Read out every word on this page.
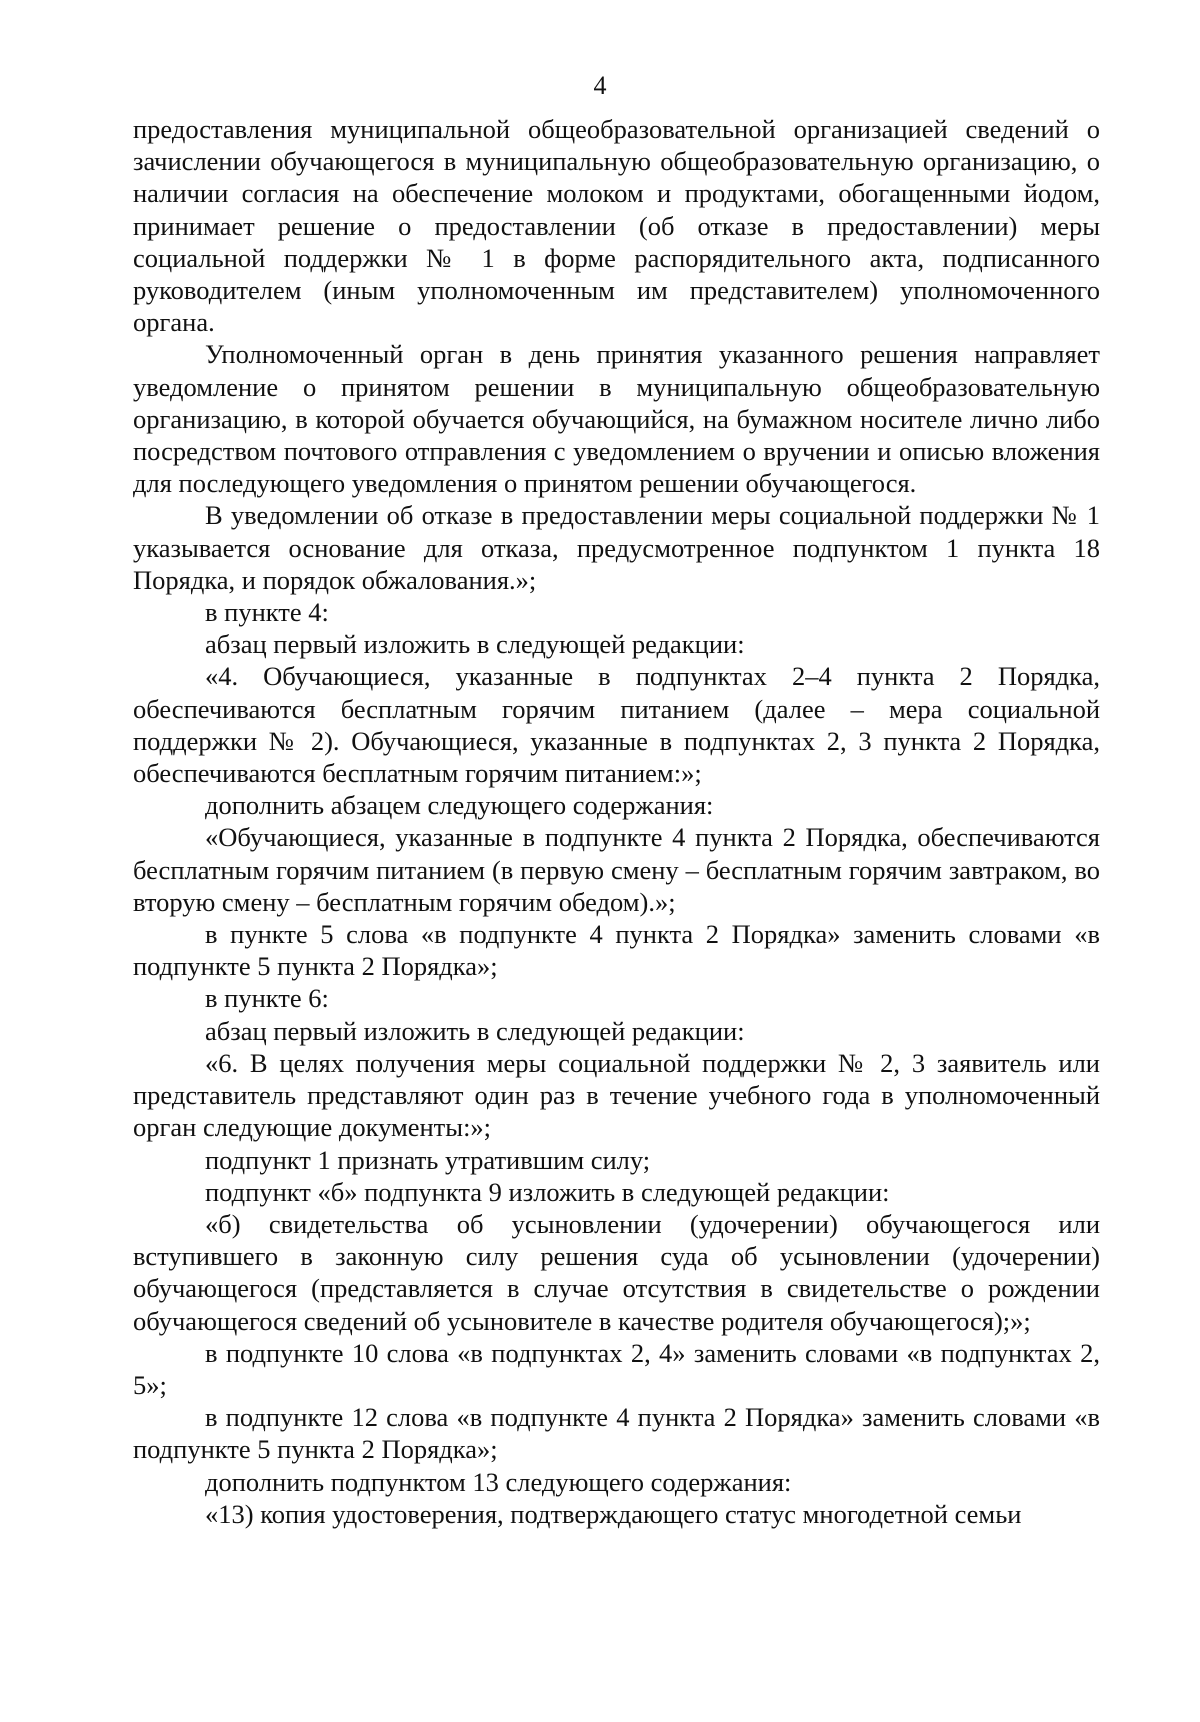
4

предоставления муниципальной общеобразовательной организацией сведений о зачислении обучающегося в муниципальную общеобразовательную организацию, о наличии согласия на обеспечение молоком и продуктами, обогащенными йодом, принимает решение о предоставлении (об отказе в предоставлении) меры социальной поддержки № 1 в форме распорядительного акта, подписанного руководителем (иным уполномоченным им представителем) уполномоченного органа.

Уполномоченный орган в день принятия указанного решения направляет уведомление о принятом решении в муниципальную общеобразовательную организацию, в которой обучается обучающийся, на бумажном носителе лично либо посредством почтового отправления с уведомлением о вручении и описью вложения для последующего уведомления о принятом решении обучающегося.

В уведомлении об отказе в предоставлении меры социальной поддержки № 1 указывается основание для отказа, предусмотренное подпунктом 1 пункта 18 Порядка, и порядок обжалования.»;

в пункте 4:

абзац первый изложить в следующей редакции:

«4. Обучающиеся, указанные в подпунктах 2–4 пункта 2 Порядка, обеспечиваются бесплатным горячим питанием (далее – мера социальной поддержки № 2). Обучающиеся, указанные в подпунктах 2, 3 пункта 2 Порядка, обеспечиваются бесплатным горячим питанием:»;

дополнить абзацем следующего содержания:

«Обучающиеся, указанные в подпункте 4 пункта 2 Порядка, обеспечиваются бесплатным горячим питанием (в первую смену – бесплатным горячим завтраком, во вторую смену – бесплатным горячим обедом).»;

в пункте 5 слова «в подпункте 4 пункта 2 Порядка» заменить словами «в подпункте 5 пункта 2 Порядка»;

в пункте 6:

абзац первый изложить в следующей редакции:

«6. В целях получения меры социальной поддержки № 2, 3 заявитель или представитель представляют один раз в течение учебного года в уполномоченный орган следующие документы:»;

подпункт 1 признать утратившим силу;

подпункт «б» подпункта 9 изложить в следующей редакции:

«б) свидетельства об усыновлении (удочерении) обучающегося или вступившего в законную силу решения суда об усыновлении (удочерении) обучающегося (представляется в случае отсутствия в свидетельстве о рождении обучающегося сведений об усыновителе в качестве родителя обучающегося);»;

в подпункте 10 слова «в подпунктах 2, 4» заменить словами «в подпунктах 2, 5»;

в подпункте 12 слова «в подпункте 4 пункта 2 Порядка» заменить словами «в подпункте 5 пункта 2 Порядка»;

дополнить подпунктом 13 следующего содержания:

«13) копия удостоверения, подтверждающего статус многодетной семьи
